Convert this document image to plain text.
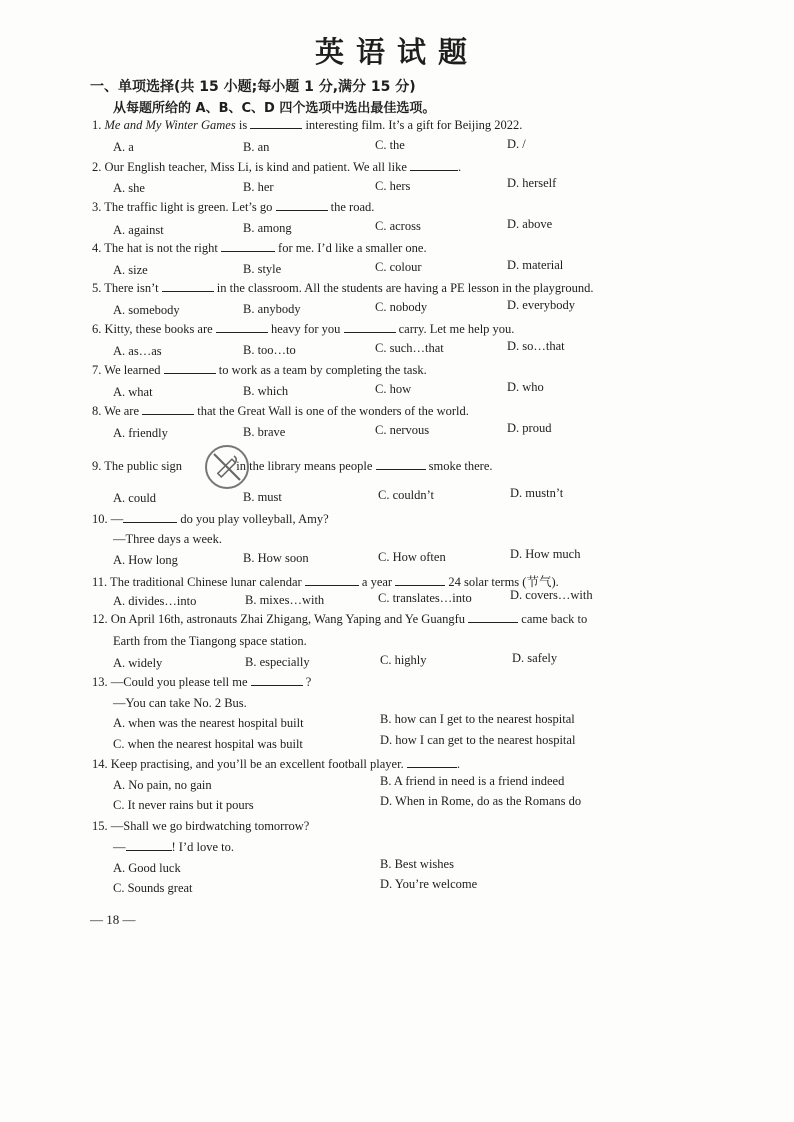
英语试题
一、单项选择(共 15 小题;每小题 1 分,满分 15 分)
从每题所给的 A、B、C、D 四个选项中选出最佳选项。
1. Me and My Winter Games is	interesting film. It’s a gift for Beijing 2022.
A. a	B. an	C. the	D. /
2. Our English teacher, Miss Li, is kind and patient. We all like	.
A. she	B. her	C. hers	D. herself
3. The traffic light is green. Let’s go	the road.
A. against	B. among	C. across	D. above
4. The hat is not the right	for me. I’d like a smaller one.
A. size	B. style	C. colour	D. material
5. There isn’t	in the classroom. All the students are having a PE lesson in the playground.
A. somebody	B. anybody	C. nobody	D. everybody
6. Kitty, these books are	heavy for you	carry. Let me help you.
A. as…as	B. too…to	C. such…that	D. so…that
7. We learned	to work as a team by completing the task.
A. what	B. which	C. how	D. who
8. We are	that the Great Wall is one of the wonders of the world.
A. friendly	B. brave	C. nervous	D. proud
9. The public sign	in the library means people	smoke there.
A. could	B. must	C. couldn’t	D. mustn’t
10. —	do you play volleyball, Amy?
—Three days a week.
A. How long	B. How soon	C. How often	D. How much
11. The traditional Chinese lunar calendar	a year	24 solar terms (节气).
A. divides…into	B. mixes…with	C. translates…into	D. covers…with
12. On April 16th, astronauts Zhai Zhigang, Wang Yaping and Ye Guangfu	came back to
Earth from the Tiangong space station.
A. widely	B. especially	C. highly	D. safely
13. —Could you please tell me	?
—You can take No. 2 Bus.
A. when was the nearest hospital built	B. how can I get to the nearest hospital
C. when the nearest hospital was built	D. how I can get to the nearest hospital
14. Keep practising, and you’ll be an excellent football player.	.
A. No pain, no gain	B. A friend in need is a friend indeed
C. It never rains but it pours	D. When in Rome, do as the Romans do
15. —Shall we go birdwatching tomorrow?
—	! I’d love to.
A. Good luck	B. Best wishes
C. Sounds great	D. You’re welcome
— 18 —
